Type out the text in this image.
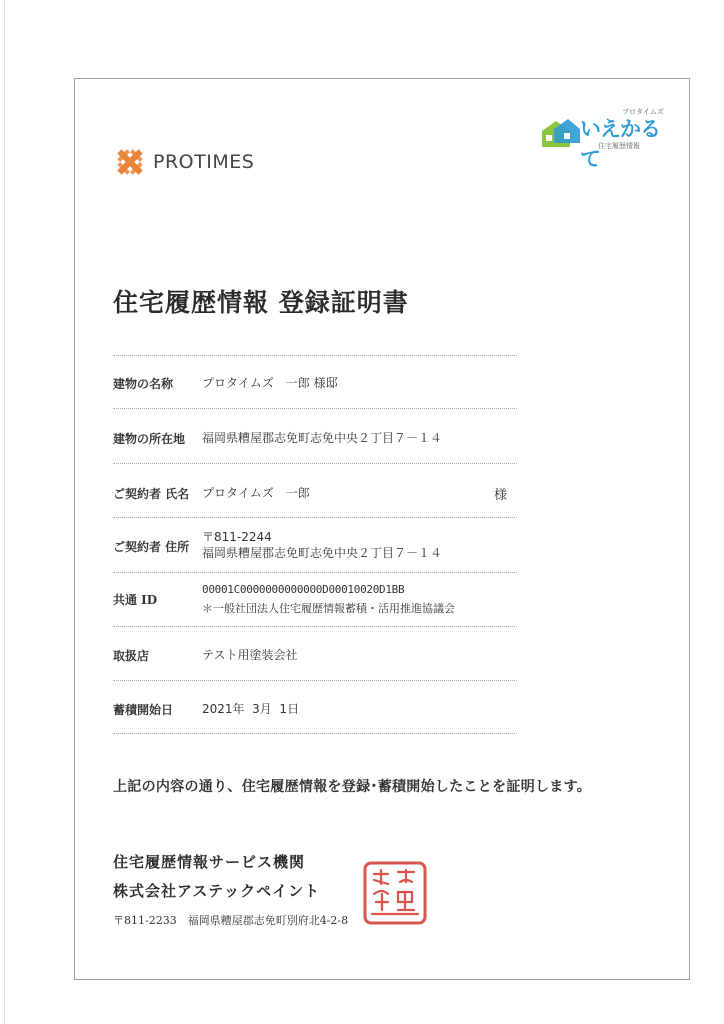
PROTIMES
プロタイムズ
いえかるて
住宅履歴情報
住宅履歴情報 登録証明書
建物の名称 プロタイムズ　一郎 様邸
建物の所在地 福岡県糟屋郡志免町志免中央２丁目７－１４
ご契約者 氏名 プロタイムズ　一郎	様
ご契約者 住所
〒811-2244
福岡県糟屋郡志免町志免中央２丁目７－１４
共通 ID
00001C0000000000000D00010020D1BB
＊一般社団法人住宅履歴情報蓄積・活用推進協議会
取扱店	テスト用塗装会社
蓄積開始日 2021年  3月  1日
上記の内容の通り、住宅履歴情報を登録･蓄積開始したことを証明します。
住宅履歴情報サービス機関
株式会社アステックペイント
〒811-2233　福岡県糟屋郡志免町別府北4-2-8
